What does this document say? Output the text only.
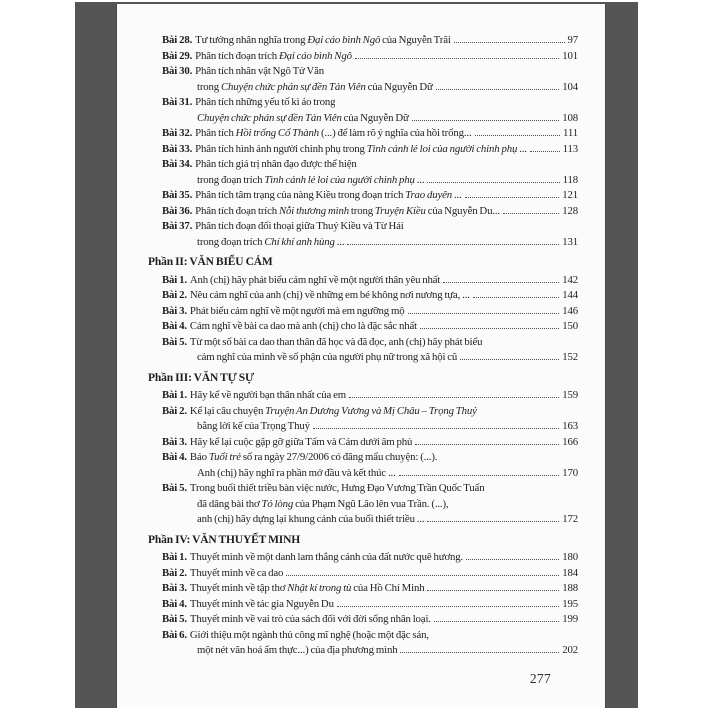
Bài 28. Tư tưởng nhân nghĩa trong Đại cáo bình Ngô của Nguyễn Trãi	97
Bài 29. Phân tích đoạn trích Đại cáo bình Ngô	101
Bài 30. Phân tích nhân vật Ngô Tử Văn
trong Chuyện chức phán sự đền Tản Viên của Nguyễn Dữ	104
Bài 31. Phân tích những yếu tố kì ảo trong
Chuyện chức phán sự đền Tản Viên của Nguyễn Dữ	108
Bài 32. Phân tích Hồi trống Cổ Thành (...) để làm rõ ý nghĩa của hồi trống...	111
Bài 33. Phân tích hình ảnh người chinh phụ trong Tình cảnh lẻ loi của người chinh phụ ...	113
Bài 34. Phân tích giá trị nhân đạo được thể hiện
trong đoạn trích Tình cảnh lẻ loi của người chinh phụ ...	118
Bài 35. Phân tích tâm trạng của nàng Kiều trong đoạn trích Trao duyên ...	121
Bài 36. Phân tích đoạn trích Nỗi thương mình trong Truyện Kiều của Nguyễn Du...	128
Bài 37. Phân tích đoạn đối thoại giữa Thuý Kiều và Từ Hải
trong đoạn trích Chí khí anh hùng ...	131
Phần II: VĂN BIỂU CẢM
Bài 1. Anh (chị) hãy phát biểu cảm nghĩ về một người thân yêu nhất	142
Bài 2. Nêu cảm nghĩ của anh (chị) về những em bé không nơi nương tựa, ...	144
Bài 3. Phát biểu cảm nghĩ về một người mà em ngưỡng mộ	146
Bài 4. Cảm nghĩ về bài ca dao mà anh (chị) cho là đặc sắc nhất	150
Bài 5. Từ một số bài ca dao than thân đã học và đã đọc, anh (chị) hãy phát biểu
cảm nghĩ của mình về số phận của người phụ nữ trong xã hội cũ	152
Phần III: VĂN TỰ SỰ
Bài 1. Hãy kể về người bạn thân nhất của em	159
Bài 2. Kể lại câu chuyện Truyện An Dương Vương và Mị Châu – Trọng Thuỷ
bằng lời kể của Trọng Thuỷ	163
Bài 3. Hãy kể lại cuộc gặp gỡ giữa Tấm và Cám dưới âm phủ	166
Bài 4. Báo Tuổi trẻ số ra ngày 27/9/2006 có đăng mẩu chuyện: (...).
Anh (chị) hãy nghĩ ra phần mở đầu và kết thúc ...	170
Bài 5. Trong buổi thiết triều bàn việc nước, Hưng Đạo Vương Trần Quốc Tuấn
đã dâng bài thơ Tỏ lòng của Phạm Ngũ Lão lên vua Trần. (...),
anh (chị) hãy dựng lại khung cảnh của buổi thiết triều ...	172
Phần IV: VĂN THUYẾT MINH
Bài 1. Thuyết minh về một danh lam thắng cảnh của đất nước quê hương.	180
Bài 2. Thuyết minh về ca dao	184
Bài 3. Thuyết minh về tập thơ Nhật kí trong tù của Hồ Chí Minh	188
Bài 4. Thuyết minh về tác gia Nguyễn Du	195
Bài 5. Thuyết minh về vai trò của sách đối với đời sống nhân loại.	199
Bài 6. Giới thiệu một ngành thủ công mĩ nghệ (hoặc một đặc sản,
một nét văn hoá ẩm thực...) của địa phương mình	202
277
